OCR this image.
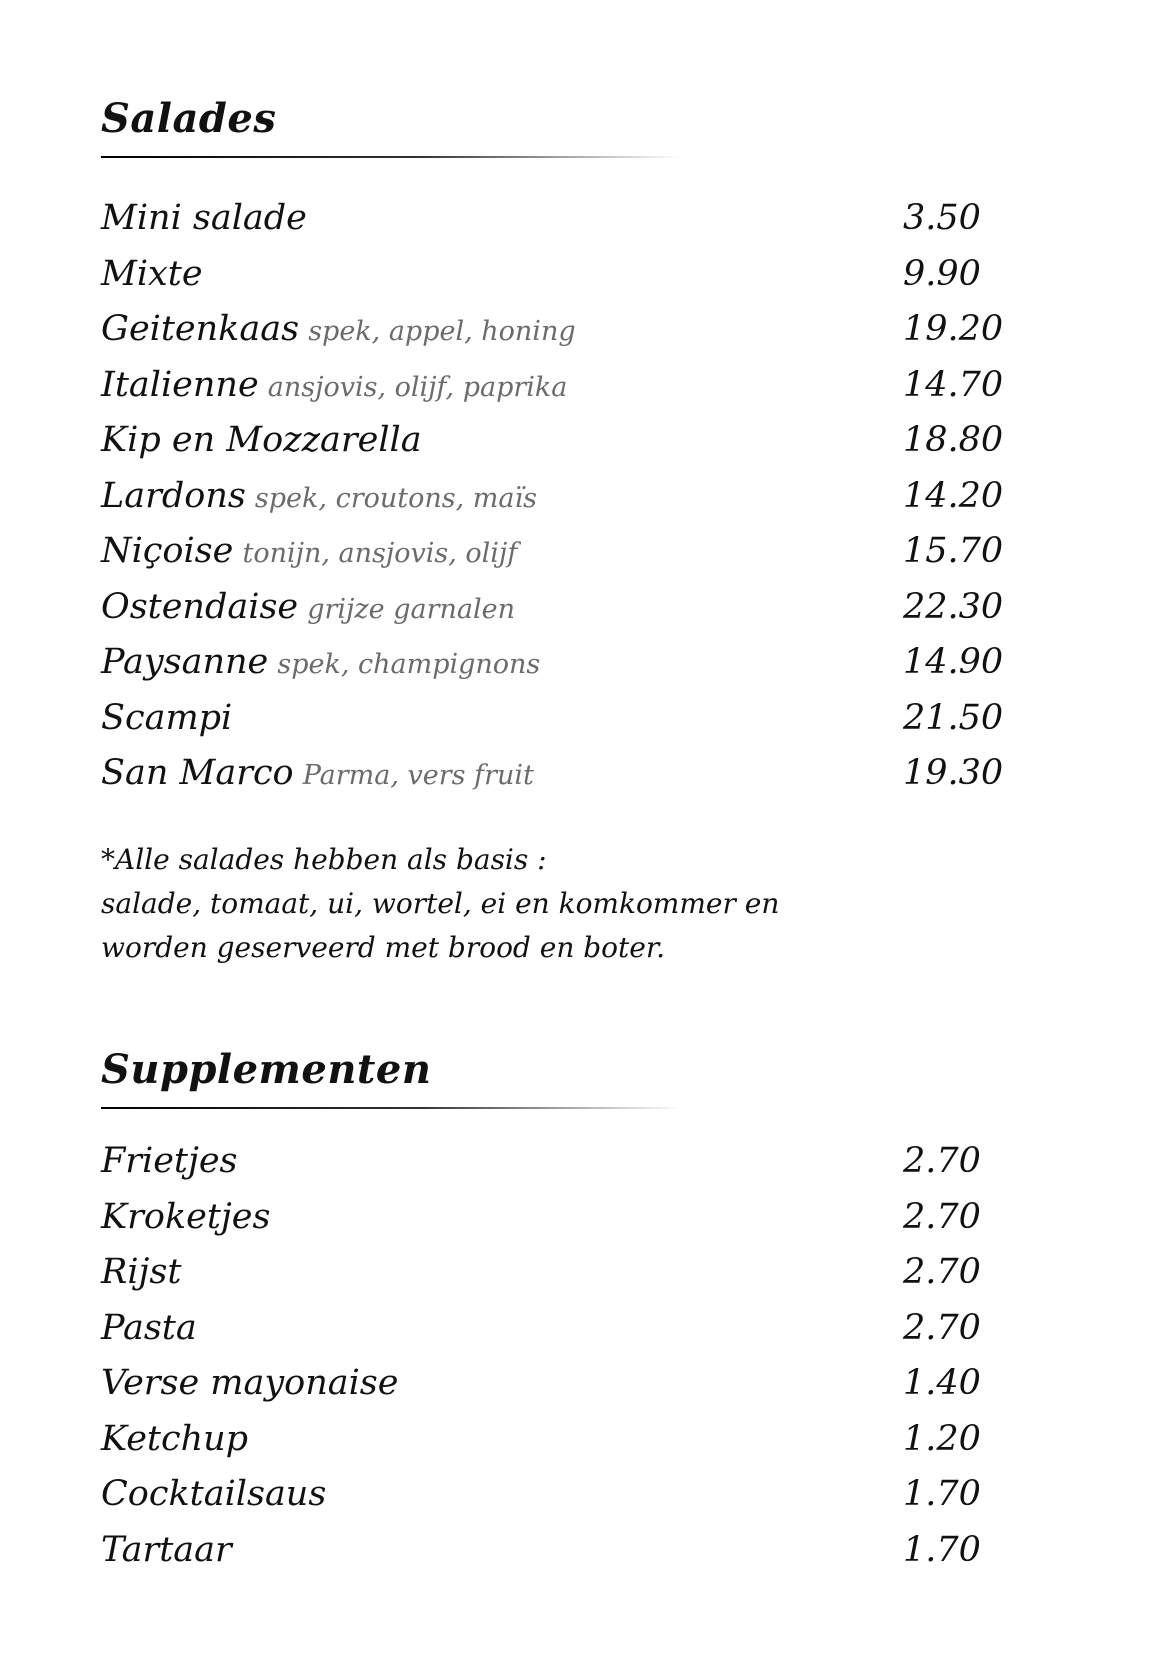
Salades
Mini salade	3.50
Mixte	9.90
Geitenkaas spek, appel, honing	19.20
Italienne ansjovis, olijf, paprika	14.70
Kip en Mozzarella	18.80
Lardons spek, croutons, maïs	14.20
Niçoise tonijn, ansjovis, olijf	15.70
Ostendaise grijze garnalen	22.30
Paysanne spek, champignons	14.90
Scampi	21.50
San Marco Parma, vers fruit	19.30
*Alle salades hebben als basis :
salade, tomaat, ui, wortel, ei en komkommer en
worden geserveerd met brood en boter.
Supplementen
Frietjes	2.70
Kroketjes	2.70
Rijst	2.70
Pasta	2.70
Verse mayonaise	1.40
Ketchup	1.20
Cocktailsaus	1.70
Tartaar	1.70
